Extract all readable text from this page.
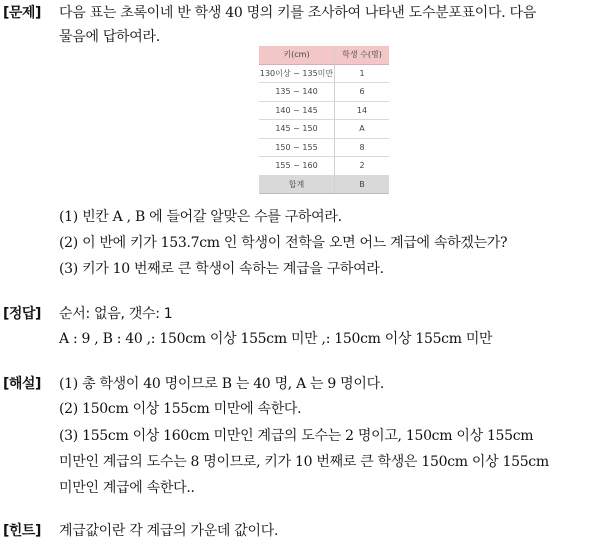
[문제] 다음 표는 초록이네 반 학생 40 명의 키를 조사하여 나타낸 도수분포표이다. 다음
물음에 답하여라.
키(cm)	학생 수(명)
130이상 ~ 135미만	1
135 ~ 140	6
140 ~ 145	14
145 ~ 150	A
150 ~ 155	8
155 ~ 160	2
합계	B
(1) 빈칸 A , B 에 들어갈 알맞은 수를 구하여라.
(2) 이 반에 키가 153.7cm 인 학생이 전학을 오면 어느 계급에 속하겠는가?
(3) 키가 10 번째로 큰 학생이 속하는 계급을 구하여라.
[정답] 순서: 없음, 갯수: 1
A : 9 , B : 40 ,: 150cm 이상 155cm 미만 ,: 150cm 이상 155cm 미만
[해설] (1) 총 학생이 40 명이므로 B 는 40 명, A 는 9 명이다.
(2) 150cm 이상 155cm 미만에 속한다.
(3) 155cm 이상 160cm 미만인 계급의 도수는 2 명이고, 150cm 이상 155cm
미만인 계급의 도수는 8 명이므로, 키가 10 번째로 큰 학생은 150cm 이상 155cm
미만인 계급에 속한다..
[힌트] 계급값이란 각 계급의 가운데 값이다.
